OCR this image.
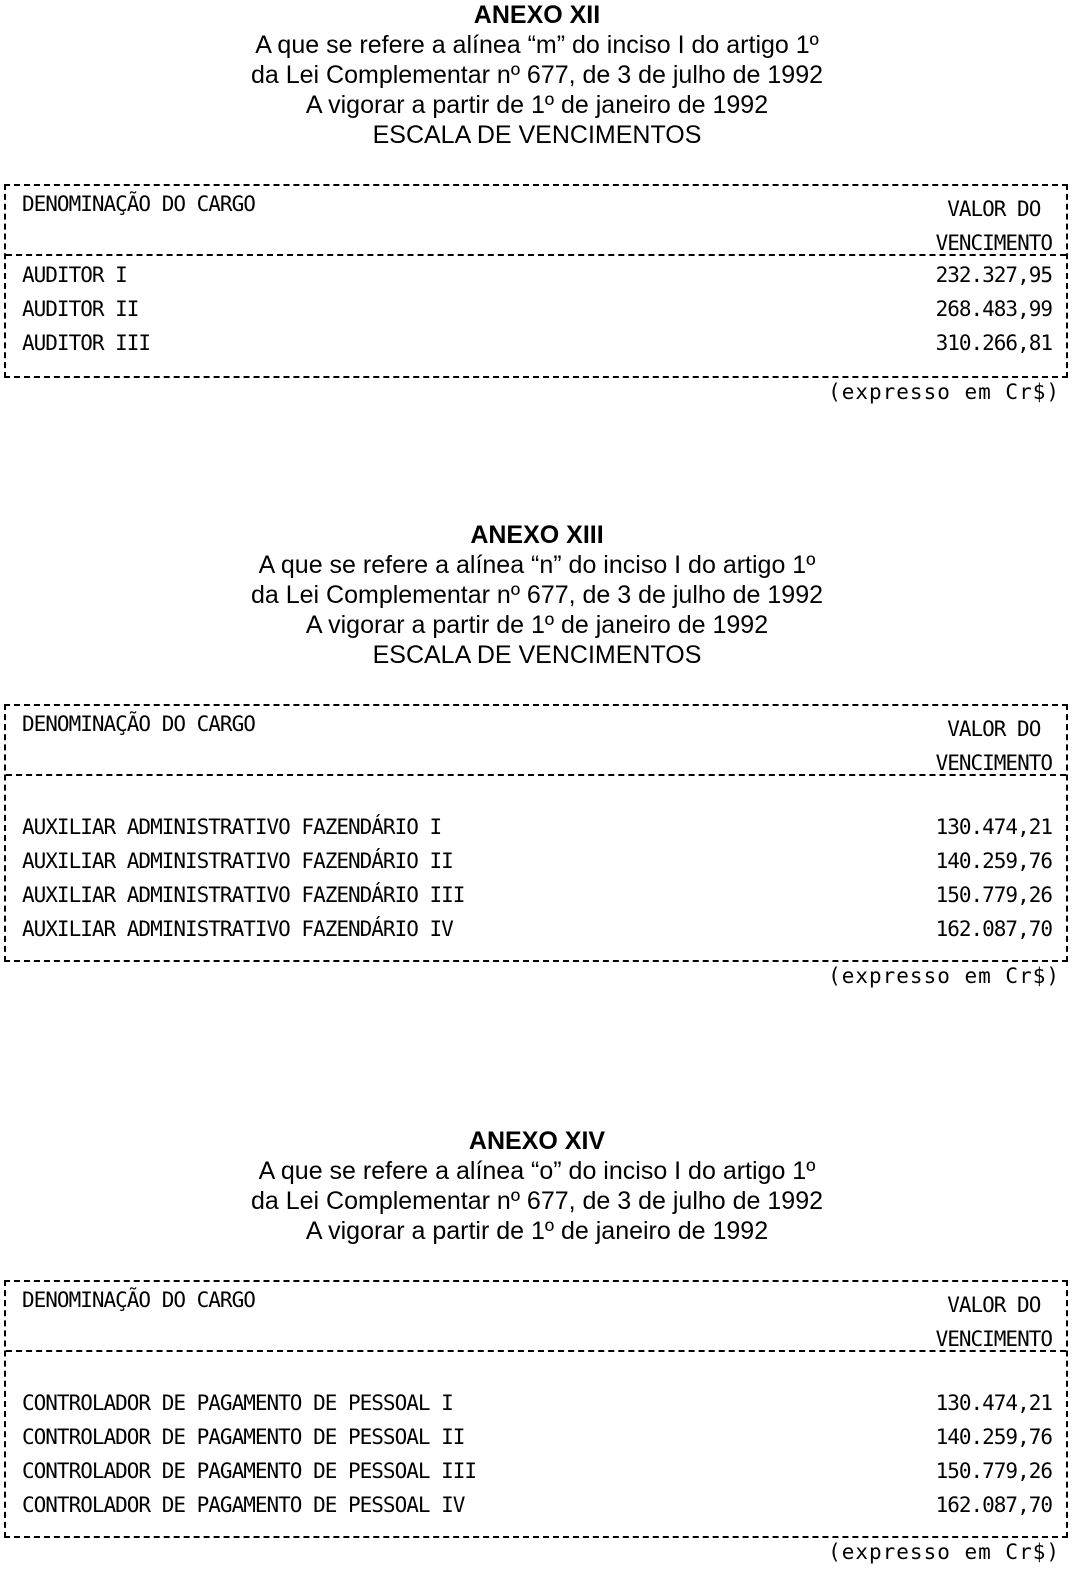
ANEXO XII
A que se refere a alínea “m” do inciso I do artigo 1º
da Lei Complementar nº 677, de 3 de julho de 1992
A vigorar a partir de 1º de janeiro de 1992
ESCALA DE VENCIMENTOS
DENOMINAÇÃO DO CARGO	VALOR DO
VENCIMENTO
AUDITOR I	232.327,95
AUDITOR II	268.483,99
AUDITOR III	310.266,81
(expresso em Cr$)
ANEXO XIII
A que se refere a alínea “n” do inciso I do artigo 1º
da Lei Complementar nº 677, de 3 de julho de 1992
A vigorar a partir de 1º de janeiro de 1992
ESCALA DE VENCIMENTOS
DENOMINAÇÃO DO CARGO	VALOR DO
VENCIMENTO
AUXILIAR ADMINISTRATIVO FAZENDÁRIO I	130.474,21
AUXILIAR ADMINISTRATIVO FAZENDÁRIO II	140.259,76
AUXILIAR ADMINISTRATIVO FAZENDÁRIO III	150.779,26
AUXILIAR ADMINISTRATIVO FAZENDÁRIO IV	162.087,70
(expresso em Cr$)
ANEXO XIV
A que se refere a alínea “o” do inciso I do artigo 1º
da Lei Complementar nº 677, de 3 de julho de 1992
A vigorar a partir de 1º de janeiro de 1992
DENOMINAÇÃO DO CARGO	VALOR DO
VENCIMENTO
CONTROLADOR DE PAGAMENTO DE PESSOAL I	130.474,21
CONTROLADOR DE PAGAMENTO DE PESSOAL II	140.259,76
CONTROLADOR DE PAGAMENTO DE PESSOAL III	150.779,26
CONTROLADOR DE PAGAMENTO DE PESSOAL IV	162.087,70
(expresso em Cr$)
